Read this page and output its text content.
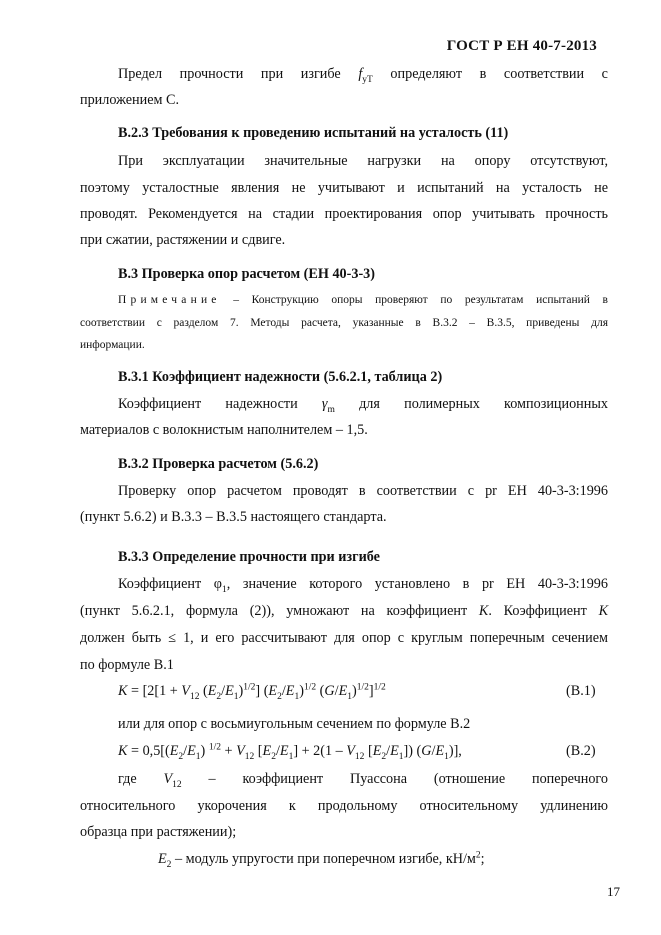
ГОСТ Р ЕН 40-7-2013
Предел прочности при изгибе $f_{уТ}$ определяют в соответствии с
приложением С.
В.2.3 Требования к проведению испытаний на усталость (11)
При эксплуатации значительные нагрузки на опору отсутствуют,
поэтому усталостные явления не учитывают и испытаний на усталость не
проводят. Рекомендуется на стадии проектирования опор учитывать прочность
при сжатии, растяжении и сдвиге.
В.3 Проверка опор расчетом (ЕН 40-3-3)
Примечание – Конструкцию опоры проверяют по результатам испытаний в
соответствии с разделом 7. Методы расчета, указанные в В.3.2 – В.3.5, приведены для
информации.
В.3.1 Коэффициент надежности (5.6.2.1, таблица 2)
Коэффициент надежности $\gamma_m$ для полимерных композиционных
материалов с волокнистым наполнителем – 1,5.
В.3.2 Проверка расчетом (5.6.2)
Проверку опор расчетом проводят в соответствии с pr EH 40-3-3:1996
(пункт 5.6.2) и В.3.3 – В.3.5 настоящего стандарта.
В.3.3 Определение прочности при изгибе
Коэффициент $\varphi_1$, значение которого установлено в pr EH 40-3-3:1996
(пункт 5.6.2.1, формула (2)), умножают на коэффициент К. Коэффициент К
должен быть ≤ 1, и его рассчитывают для опор с круглым поперечным сечением
по формуле В.1
$K = [2[1 + V_{12}$ $(E_2/E_1)^{1/2}$] $(E_2/E_1)^{1/2}$ $(G/E_1)^{1/2}]^{1/2}$	(В.1)
или для опор с восьмиугольным сечением по формуле В.2
$K = 0,5[(E_2/E_1) ^{1/2} + V_{12}$ $[E_2/E_1] + 2(1 - V_{12}$ $[E_2/E_1]$) $(G/E_1)$],	(В.2)
где $V_{12}$ – коэффициент Пуассона (отношение поперечного
относительного укорочения к продольному относительному удлинению
образца при растяжении);
$E_2$ – модуль упругости при поперечном изгибе, $кН/м^2$;
17
